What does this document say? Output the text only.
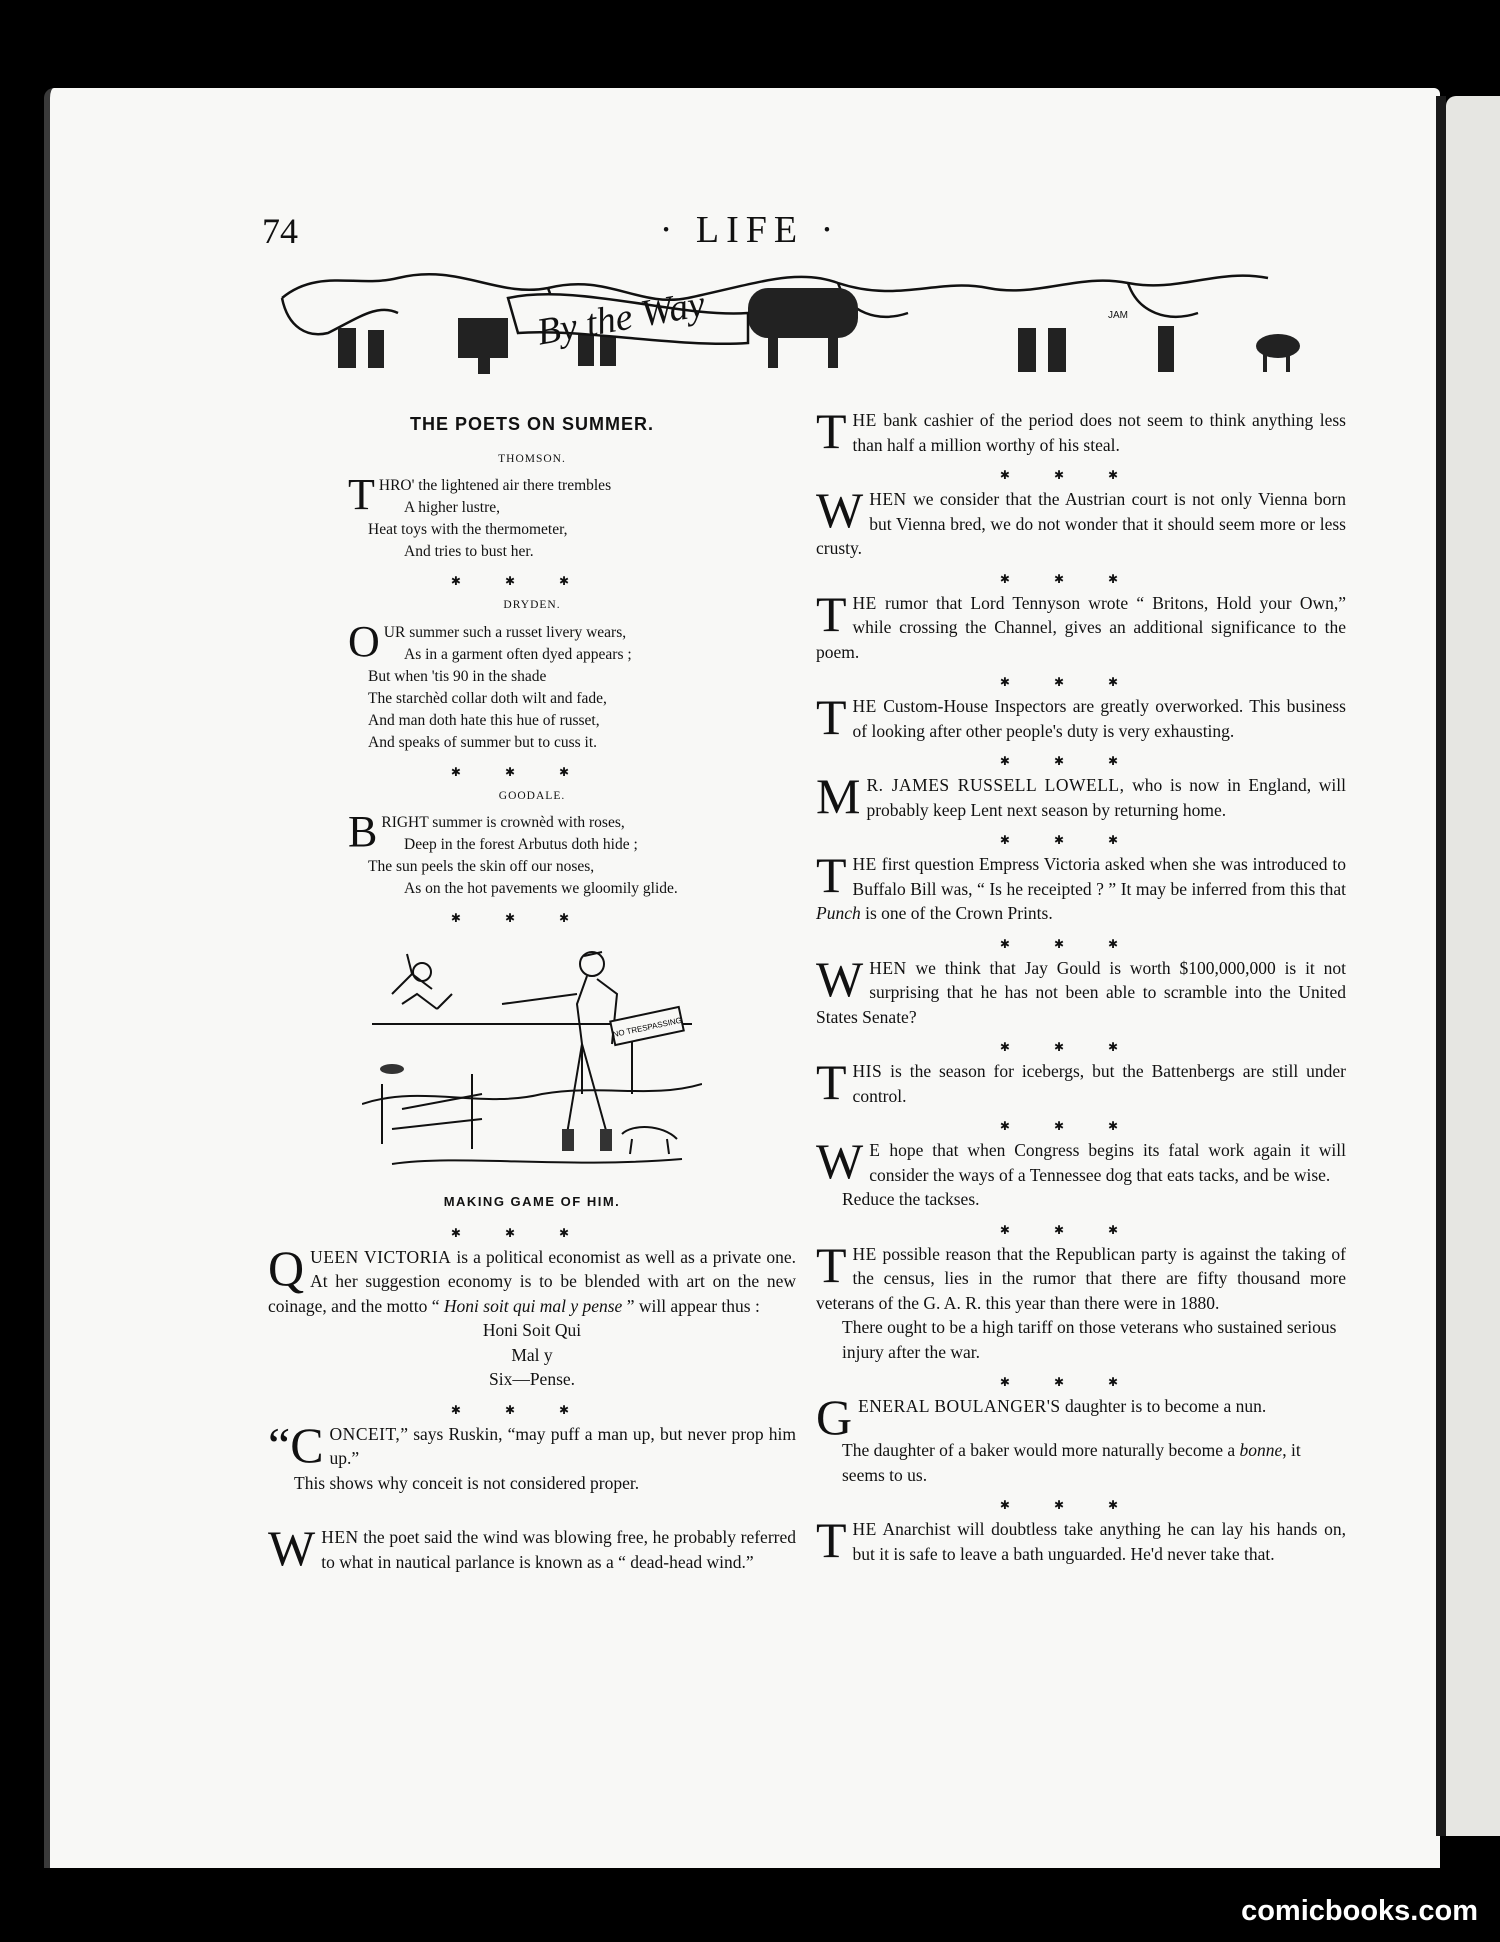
74	· LIFE ·
By the Way	JAM
THE POETS ON SUMMER.
THOMSON.
THRO' the lightened air there trembles
A higher lustre,
Heat toys with the thermometer,
And tries to bust her.
✱✱✱
DRYDEN.
OUR summer such a russet livery wears,
As in a garment often dyed appears ;
But when 'tis 90 in the shade
The starchèd collar doth wilt and fade,
And man doth hate this hue of russet,
And speaks of summer but to cuss it.
✱✱✱
GOODALE.
BRIGHT summer is crownèd with roses,
Deep in the forest Arbutus doth hide ;
The sun peels the skin off our noses,
As on the hot pavements we gloomily glide.
✱✱✱
NO TRESPASSING
MAKING GAME OF HIM.
✱✱✱

QUEEN VICTORIA is a political economist as well as a private one. At her suggestion economy is to be blended with art on the new coinage, and the motto “ Honi soit qui mal y pense ” will appear thus :

Honi Soit Qui
Mal y
Six—Pense.
✱✱✱

“CONCEIT,” says Ruskin, “may puff a man up, but never prop him up.”

This shows why conceit is not considered proper.

WHEN the poet said the wind was blowing free, he probably referred to what in nautical parlance is known as a “ dead-head wind.”

THE bank cashier of the period does not seem to think anything less than half a million worthy of his steal.

✱✱✱

WHEN we consider that the Austrian court is not only Vienna born but Vienna bred, we do not wonder that it should seem more or less crusty.

✱✱✱

THE rumor that Lord Tennyson wrote “ Britons, Hold your Own,” while crossing the Channel, gives an additional significance to the poem.

✱✱✱

THE Custom-House Inspectors are greatly overworked. This business of looking after other people's duty is very exhausting.

✱✱✱

M R. JAMES RUSSELL LOWELL, who is now in England, will probably keep Lent next season by returning home.

✱✱✱

THE first question Empress Victoria asked when she was introduced to Buffalo Bill was, “ Is he receipted ? ” It may be inferred from this that Punch is one of the Crown Prints.

✱✱✱

WHEN we think that Jay Gould is worth $100,000,000 is it not surprising that he has not been able to scramble into the United States Senate?

✱✱✱

THIS is the season for icebergs, but the Battenbergs are still under control.

✱✱✱

W E hope that when Congress begins its fatal work again it will consider the ways of a Tennessee dog that eats tacks, and be wise.

Reduce the tackses.

✱✱✱

THE possible reason that the Republican party is against the taking of the census, lies in the rumor that there are fifty thousand more veterans of the G. A. R. this year than there were in 1880.

There ought to be a high tariff on those veterans who sustained serious injury after the war.

✱✱✱

GENERAL BOULANGER'S daughter is to become a nun.

The daughter of a baker would more naturally become a bonne, it seems to us.

✱✱✱

THE Anarchist will doubtless take anything he can lay his hands on, but it is safe to leave a bath unguarded. He'd never take that.

comicbooks.com
